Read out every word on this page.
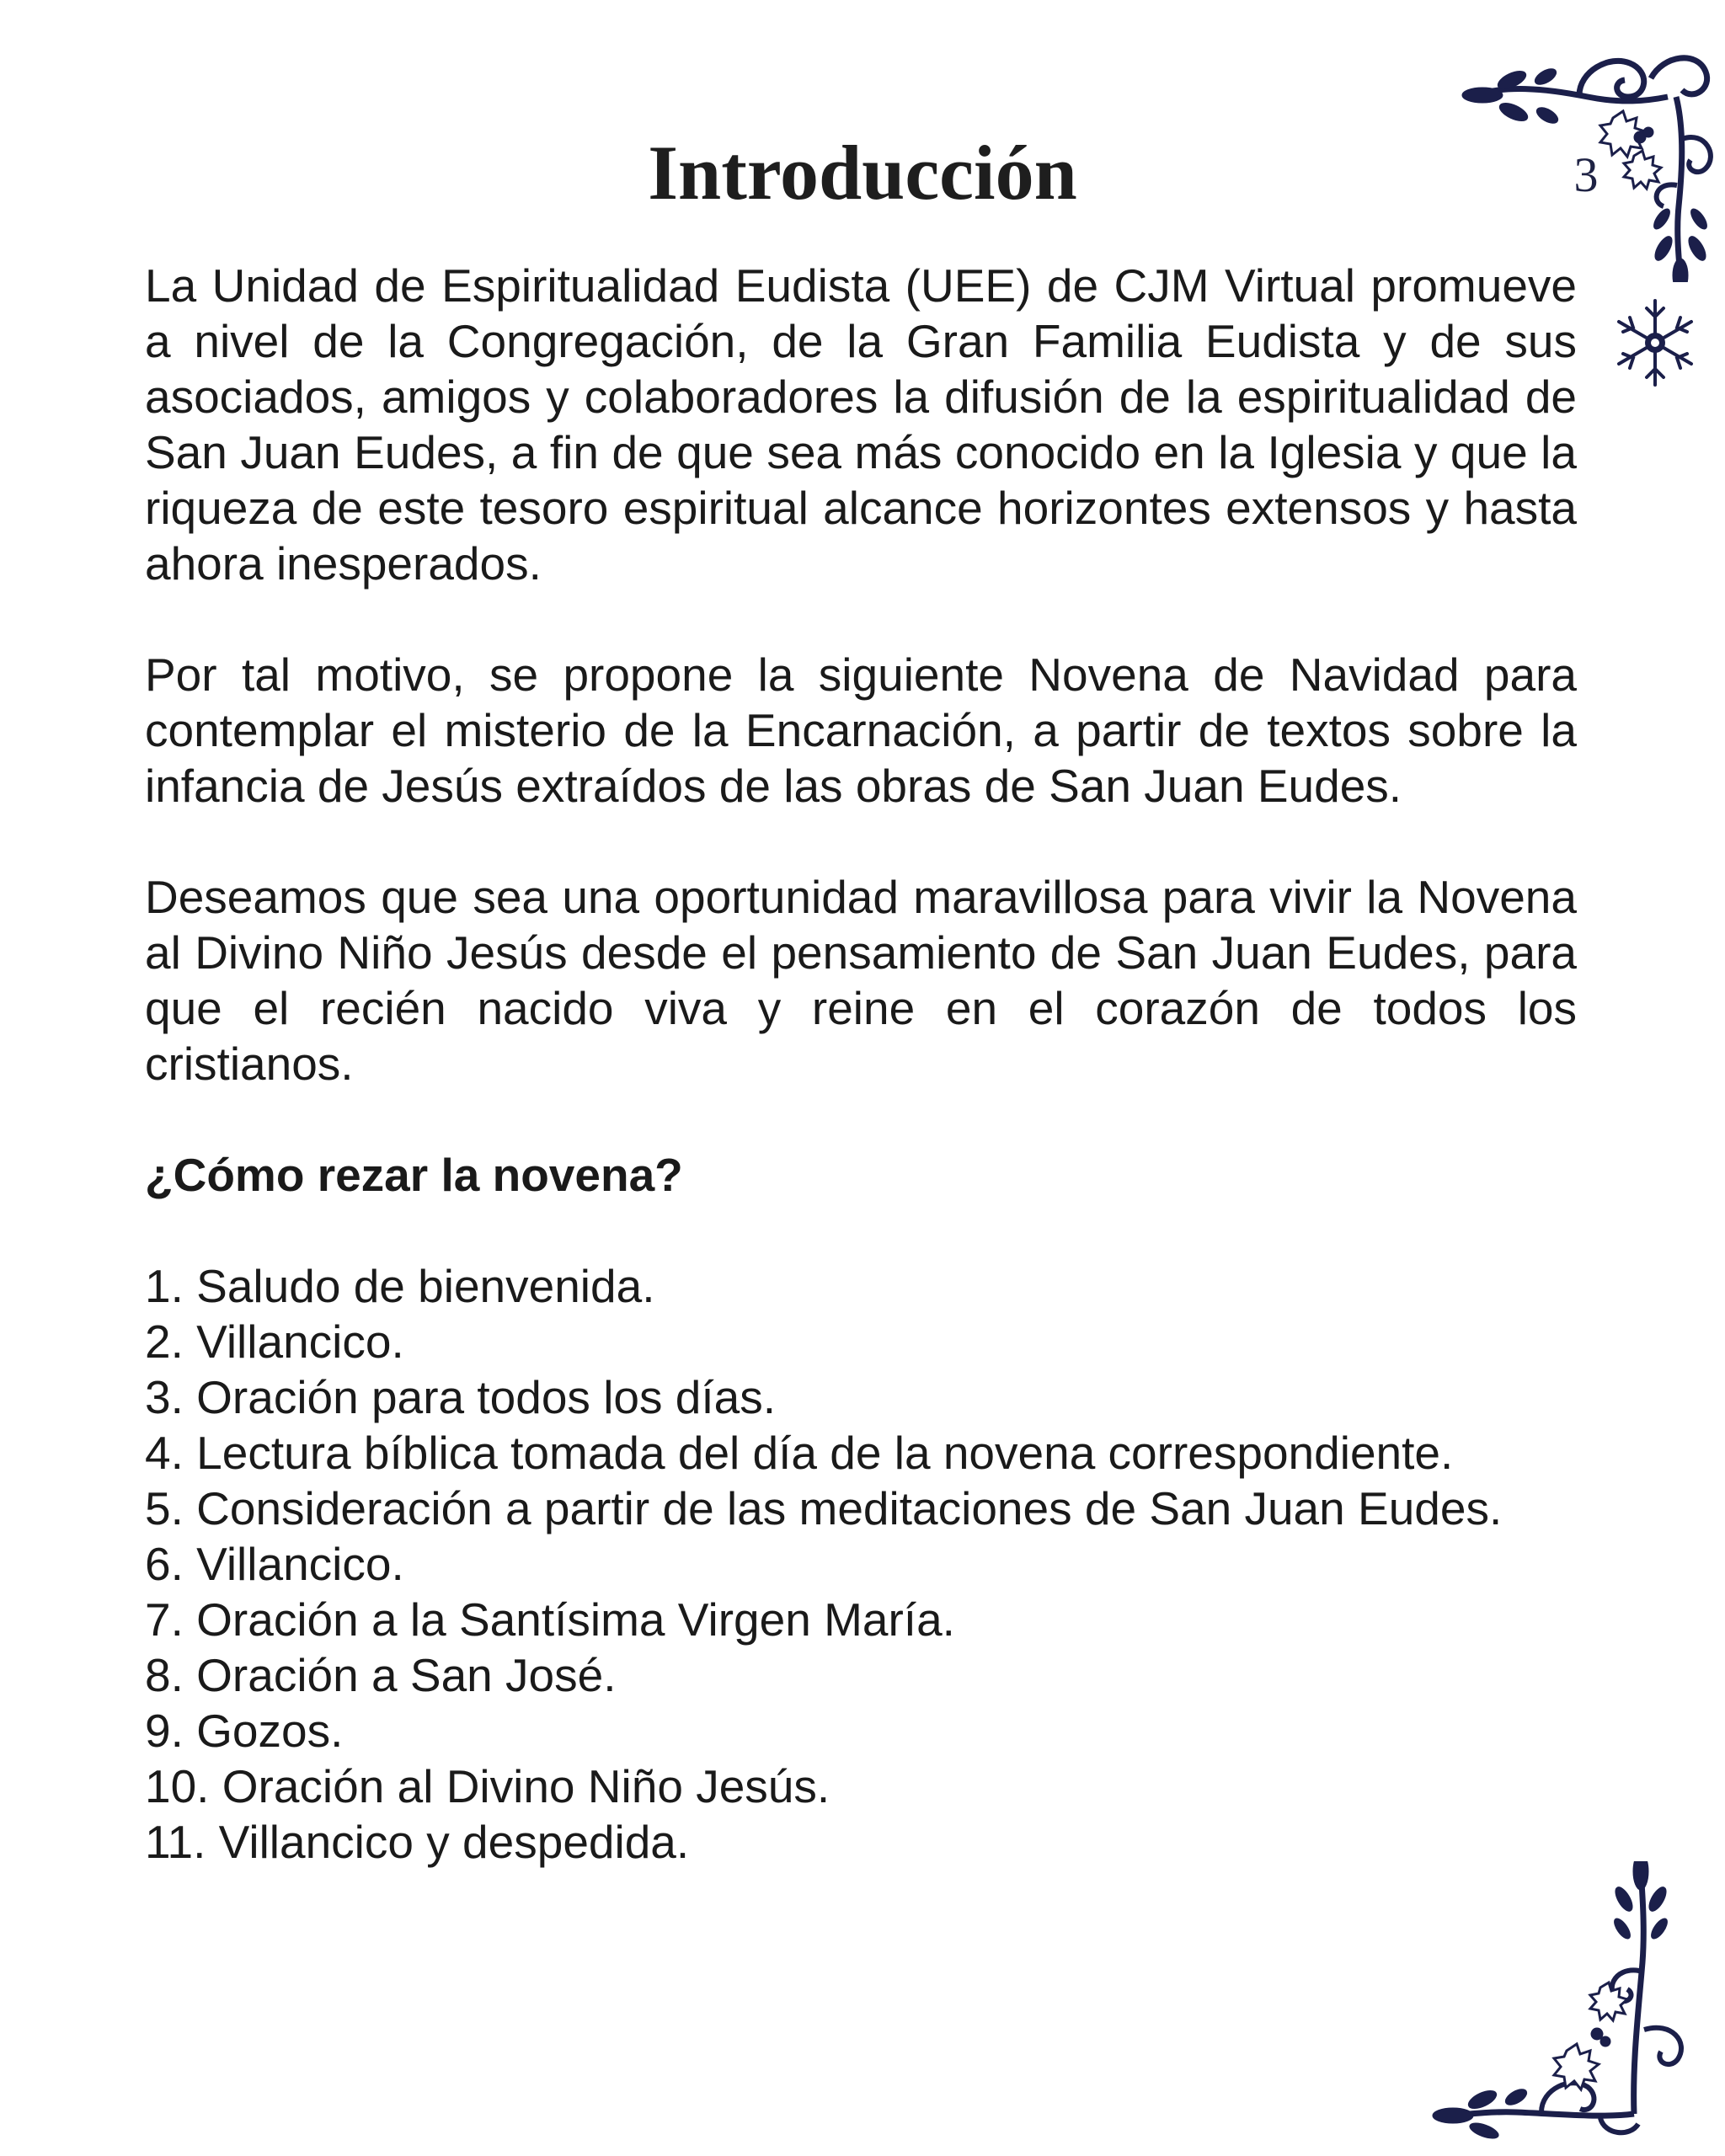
Introducción	3

La Unidad de Espiritualidad Eudista (UEE) de CJM Virtual promueve a nivel de la Congregación, de la Gran Familia Eudista y de sus asociados, amigos y colaboradores la difusión de la espiritualidad de San Juan Eudes, a fin de que sea más conocido en la Iglesia y que la riqueza de este tesoro espiritual alcance horizontes extensos y hasta ahora inesperados.

Por tal motivo, se propone la siguiente Novena de Navidad para contemplar el misterio de la Encarnación, a partir de textos sobre la infancia de Jesús extraídos de las obras de San Juan Eudes.

Deseamos que sea una oportunidad maravillosa para vivir la Novena al Divino Niño Jesús desde el pensamiento de San Juan Eudes, para que el recién nacido viva y reine en el corazón de todos los cristianos.

¿Cómo rezar la novena?

1. Saludo de bienvenida.
2. Villancico.
3. Oración para todos los días.
4. Lectura bíblica tomada del día de la novena correspondiente.
5. Consideración a partir de las meditaciones de San Juan Eudes.
6. Villancico.
7. Oración a la Santísima Virgen María.
8. Oración a San José.
9. Gozos.
10. Oración al Divino Niño Jesús.
11. Villancico y despedida.
